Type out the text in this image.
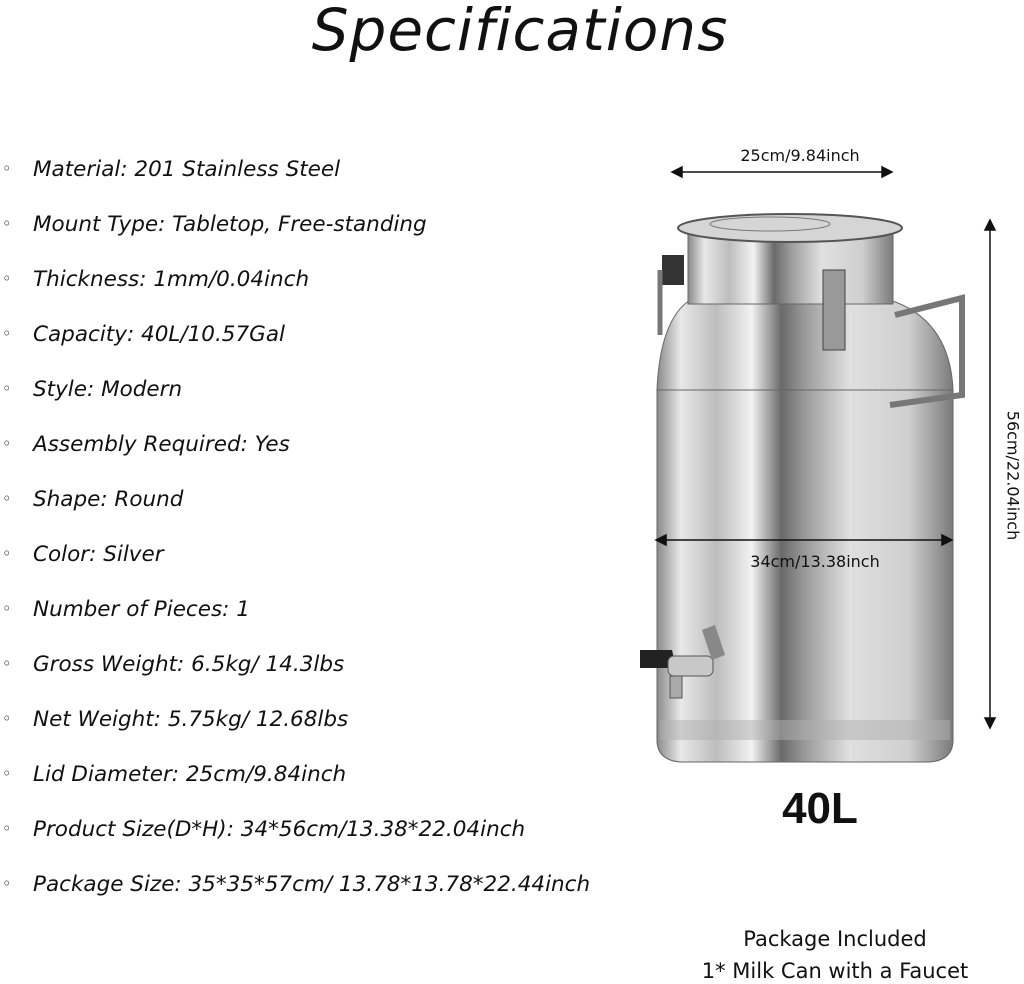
Specifications
◦ Material: 201 Stainless Steel
◦ Mount Type: Tabletop, Free-standing
◦ Thickness: 1mm/0.04inch
◦ Capacity: 40L/10.57Gal
◦ Style: Modern
◦ Assembly Required: Yes
◦ Shape: Round
◦ Color: Silver
◦ Number of Pieces: 1
◦ Gross Weight: 6.5kg/ 14.3lbs
◦ Net Weight: 5.75kg/ 12.68lbs
◦ Lid Diameter: 25cm/9.84inch
◦ Product Size(D*H): 34*56cm/13.38*22.04inch
◦ Package Size: 35*35*57cm/ 13.78*13.78*22.44inch
25cm/9.84inch
34cm/13.38inch
56cm/22.04inch
40L
Package Included
1* Milk Can with a Faucet
